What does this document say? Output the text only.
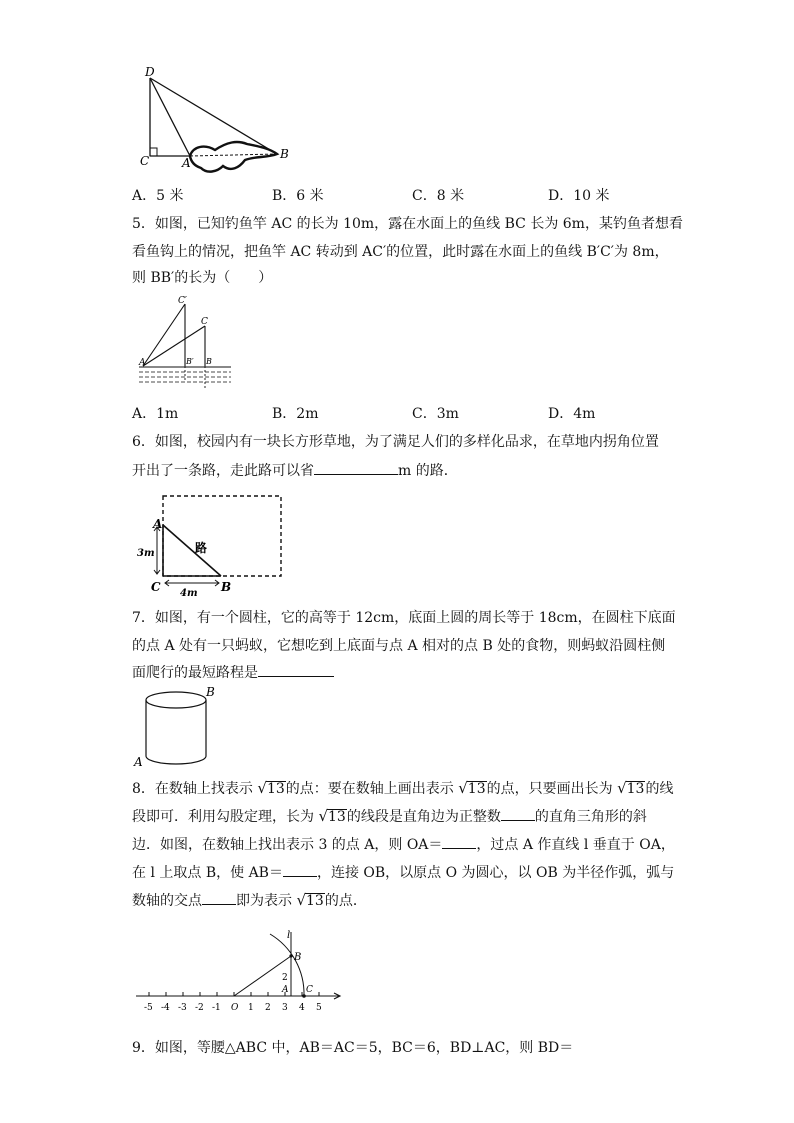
D
C	A
B
A．5 米	B．6 米	C．8 米	D．10 米
5．如图，已知钓鱼竿 AC 的长为 10m，露在水面上的鱼线 BC 长为 6m，某钓鱼者想看
看鱼钩上的情况，把鱼竿 AC 转动到 AC′的位置，此时露在水面上的鱼线 B′C′为 8m，
则 BB′的长为（　　）
C′
C
A	B′ B
A．1m	B．2m	C．3m	D．4m
6．如图，校园内有一块长方形草地，为了满足人们的多样化品求，在草地内拐角位置
开出了一条路，走此路可以省	m 的路．
A
C	B
路
3m
4m
7．如图，有一个圆柱，它的高等于 12cm，底面上圆的周长等于 18cm，在圆柱下底面
的点 A 处有一只蚂蚁，它想吃到上底面与点 A 相对的点 B 处的食物，则蚂蚁沿圆柱侧
面爬行的最短路程是
B
A
8．在数轴上找表示 √13的点：要在数轴上画出表示 √13的点，只要画出长为 √13的线
段即可．利用勾股定理，长为 √13的线段是直角边为正整数 的直角三角形的斜
边．如图，在数轴上找出表示 3 的点 A，则 OA＝ ，过点 A 作直线 l 垂直于 OA，
在 l 上取点 B，使 AB＝ ，连接 OB，以原点 O 为圆心，以 OB 为半径作弧，弧与
数轴的交点 即为表示 √13的点．
-5 -4 -3 -2 -1 O 1 2 3 4 5
l
B
2
A C
9．如图，等腰△ABC 中，AB＝AC＝5，BC＝6，BD⊥AC，则 BD＝
